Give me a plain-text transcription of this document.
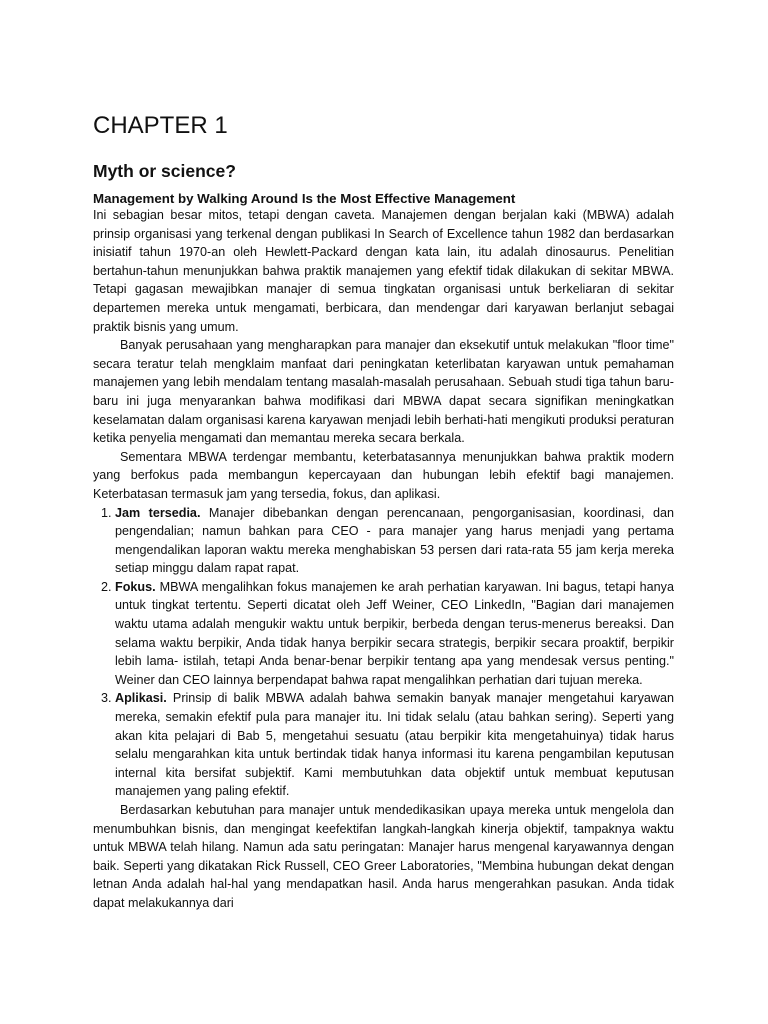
CHAPTER 1
Myth or science?
Management by Walking Around Is the Most Effective Management

Ini sebagian besar mitos, tetapi dengan caveta. Manajemen dengan berjalan kaki (MBWA) adalah prinsip organisasi yang terkenal dengan publikasi In Search of Excellence tahun 1982 dan berdasarkan inisiatif tahun 1970-an oleh Hewlett-Packard dengan kata lain, itu adalah dinosaurus. Penelitian bertahun-tahun menunjukkan bahwa praktik manajemen yang efektif tidak dilakukan di sekitar MBWA. Tetapi gagasan mewajibkan manajer di semua tingkatan organisasi untuk berkeliaran di sekitar departemen mereka untuk mengamati, berbicara, dan mendengar dari karyawan berlanjut sebagai praktik bisnis yang umum.

Banyak perusahaan yang mengharapkan para manajer dan eksekutif untuk melakukan "floor time" secara teratur telah mengklaim manfaat dari peningkatan keterlibatan karyawan untuk pemahaman manajemen yang lebih mendalam tentang masalah-masalah perusahaan. Sebuah studi tiga tahun baru-baru ini juga menyarankan bahwa modifikasi dari MBWA dapat secara signifikan meningkatkan keselamatan dalam organisasi karena karyawan menjadi lebih berhati-hati mengikuti produksi peraturan ketika penyelia mengamati dan memantau mereka secara berkala.

Sementara MBWA terdengar membantu, keterbatasannya menunjukkan bahwa praktik modern yang berfokus pada membangun kepercayaan dan hubungan lebih efektif bagi manajemen. Keterbatasan termasuk jam yang tersedia, fokus, dan aplikasi.

1. Jam tersedia. Manajer dibebankan dengan perencanaan, pengorganisasian, koordinasi, dan pengendalian; namun bahkan para CEO - para manajer yang harus menjadi yang pertama mengendalikan laporan waktu mereka menghabiskan 53 persen dari rata-rata 55 jam kerja mereka setiap minggu dalam rapat rapat.
2. Fokus. MBWA mengalihkan fokus manajemen ke arah perhatian karyawan. Ini bagus, tetapi hanya untuk tingkat tertentu. Seperti dicatat oleh Jeff Weiner, CEO LinkedIn, "Bagian dari manajemen waktu utama adalah mengukir waktu untuk berpikir, berbeda dengan terus-menerus bereaksi. Dan selama waktu berpikir, Anda tidak hanya berpikir secara strategis, berpikir secara proaktif, berpikir lebih lama- istilah, tetapi Anda benar-benar berpikir tentang apa yang mendesak versus penting." Weiner dan CEO lainnya berpendapat bahwa rapat mengalihkan perhatian dari tujuan mereka.
3. Aplikasi. Prinsip di balik MBWA adalah bahwa semakin banyak manajer mengetahui karyawan mereka, semakin efektif pula para manajer itu. Ini tidak selalu (atau bahkan sering). Seperti yang akan kita pelajari di Bab 5, mengetahui sesuatu (atau berpikir kita mengetahuinya) tidak harus selalu mengarahkan kita untuk bertindak tidak hanya informasi itu karena pengambilan keputusan internal kita bersifat subjektif. Kami membutuhkan data objektif untuk membuat keputusan manajemen yang paling efektif.

Berdasarkan kebutuhan para manajer untuk mendedikasikan upaya mereka untuk mengelola dan menumbuhkan bisnis, dan mengingat keefektifan langkah-langkah kinerja objektif, tampaknya waktu untuk MBWA telah hilang. Namun ada satu peringatan: Manajer harus mengenal karyawannya dengan baik. Seperti yang dikatakan Rick Russell, CEO Greer Laboratories, "Membina hubungan dekat dengan letnan Anda adalah hal-hal yang mendapatkan hasil. Anda harus mengerahkan pasukan. Anda tidak dapat melakukannya dari
